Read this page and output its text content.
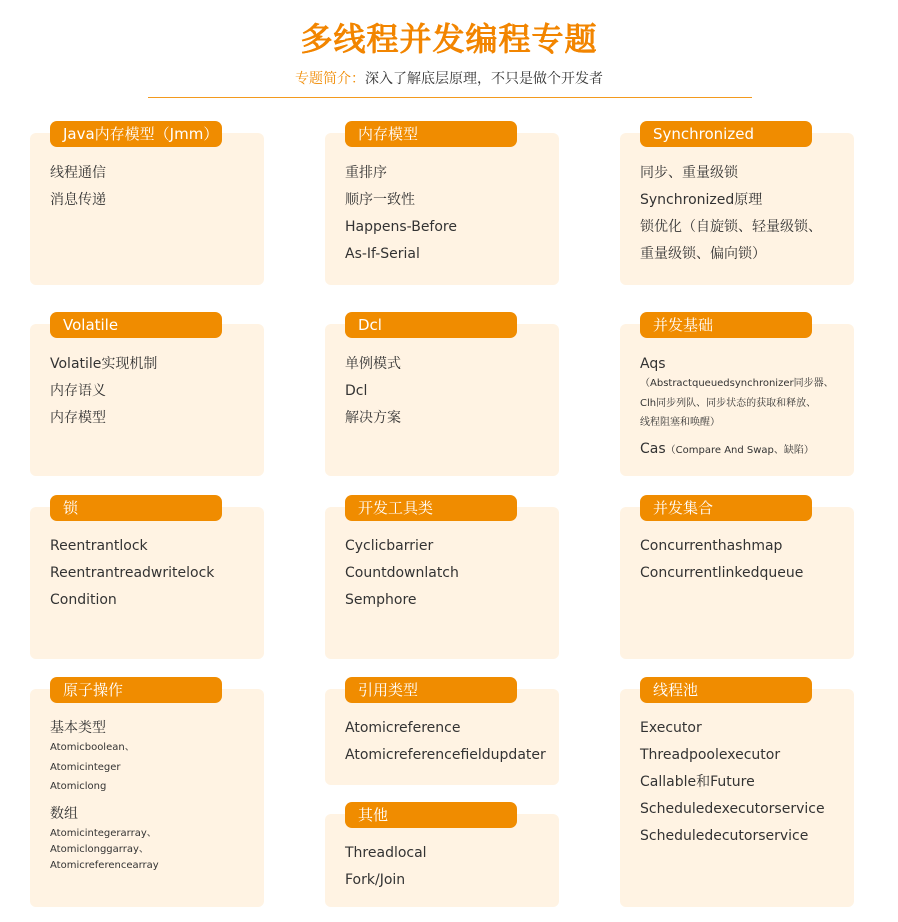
多线程并发编程专题
专题简介：深入了解底层原理，不只是做个开发者
Java内存模型（Jmm）
线程通信
消息传递
内存模型
重排序
顺序一致性
Happens-Before
As-If-Serial
Synchronized
同步、重量级锁
Synchronized原理
锁优化（自旋锁、轻量级锁、
重量级锁、偏向锁）
Volatile
Volatile实现机制
内存语义
内存模型
Dcl
单例模式
Dcl
解决方案
并发基础
Aqs
（Abstractqueuedsynchronizer同步器、
Clh同步列队、同步状态的获取和释放、
线程阻塞和唤醒）
Cas（Compare And Swap、缺陷）
锁
Reentrantlock
Reentrantreadwritelock
Condition
开发工具类
Cyclicbarrier
Countdownlatch
Semphore
并发集合
Concurrenthashmap
Concurrentlinkedqueue
原子操作
基本类型
Atomicboolean、
Atomicinteger
Atomiclong
数组
Atomicintegerarray、
Atomiclonggarray、
Atomicreferencearray
引用类型
Atomicreference
Atomicreferencefieldupdater
其他
Threadlocal
Fork/Join
线程池
Executor
Threadpoolexecutor
Callable和Future
Scheduledexecutorservice
Scheduledecutorservice
